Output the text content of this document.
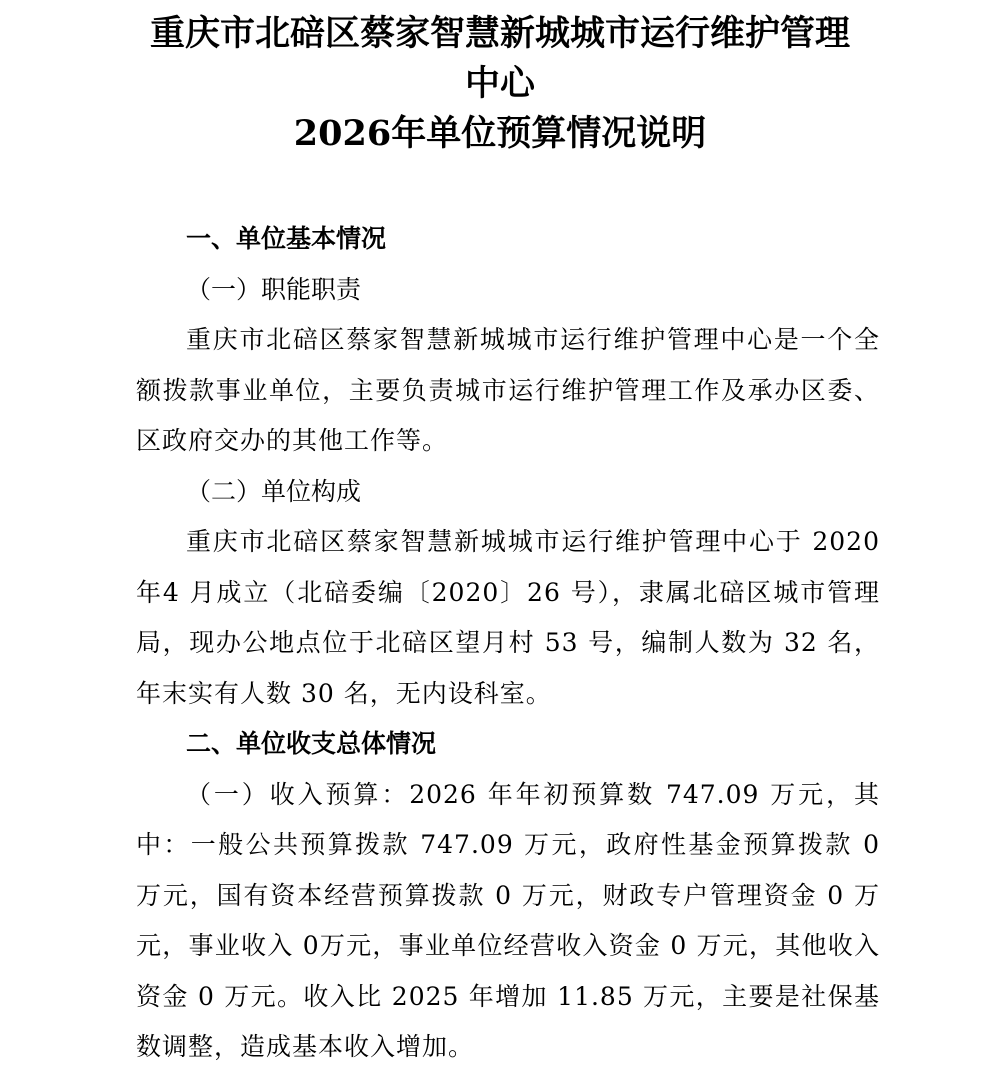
重庆市北碚区蔡家智慧新城城市运行维护管理

中心

2026年单位预算情况说明

一、单位基本情况

（一）职能职责

重庆市北碚区蔡家智慧新城城市运行维护管理中心是一个全额拨款事业单位，主要负责城市运行维护管理工作及承办区委、区政府交办的其他工作等。

（二）单位构成

重庆市北碚区蔡家智慧新城城市运行维护管理中心于 2020 年4 月成立（北碚委编〔2020〕26 号），隶属北碚区城市管理局，现办公地点位于北碚区望月村 53 号，编制人数为 32 名，年末实有人数 30 名，无内设科室。

二、单位收支总体情况

（一）收入预算：2026 年年初预算数 747.09 万元，其中：一般公共预算拨款 747.09 万元，政府性基金预算拨款 0 万元，国有资本经营预算拨款 0 万元，财政专户管理资金 0 万元，事业收入 0万元，事业单位经营收入资金 0 万元，其他收入资金 0 万元。收入比 2025 年增加 11.85 万元，主要是社保基数调整，造成基本收入增加。
